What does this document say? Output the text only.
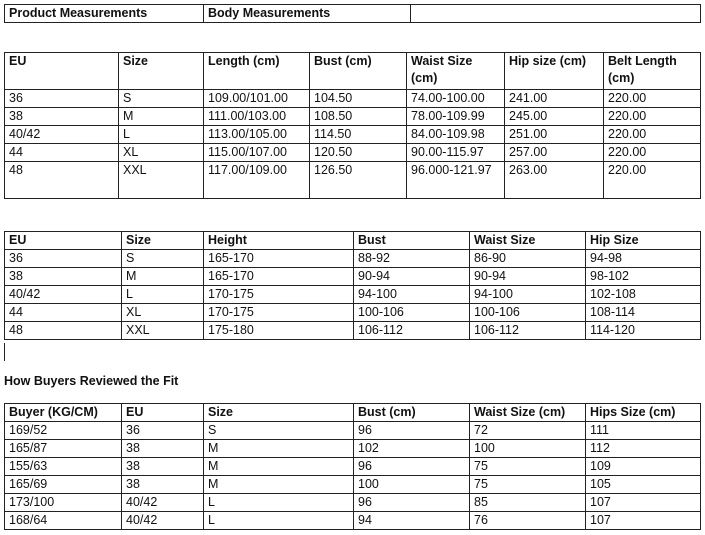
Product Measurements	Body Measurements	
EU	Size	Length (cm)	Bust (cm)	Waist Size (cm)	Hip size (cm)	Belt Length (cm)
36	S	109.00/101.00	104.50	74.00-100.00	241.00	220.00
38	M	111.00/103.00	108.50	78.00-109.99	245.00	220.00
40/42	L	113.00/105.00	114.50	84.00-109.98	251.00	220.00
44	XL	115.00/107.00	120.50	90.00-115.97	257.00	220.00
48	XXL	117.00/109.00	126.50	96.000-121.97	263.00	220.00
EU	Size	Height	Bust	Waist Size	Hip Size
36	S	165-170	88-92	86-90	94-98
38	M	165-170	90-94	90-94	98-102
40/42	L	170-175	94-100	94-100	102-108
44	XL	170-175	100-106	100-106	108-114
48	XXL	175-180	106-112	106-112	114-120
How Buyers Reviewed the Fit
Buyer (KG/CM)	EU	Size	Bust (cm)	Waist Size (cm)	Hips Size (cm)
169/52	36	S	96	72	111
165/87	38	M	102	100	112
155/63	38	M	96	75	109
165/69	38	M	100	75	105
173/100	40/42	L	96	85	107
168/64	40/42	L	94	76	107
